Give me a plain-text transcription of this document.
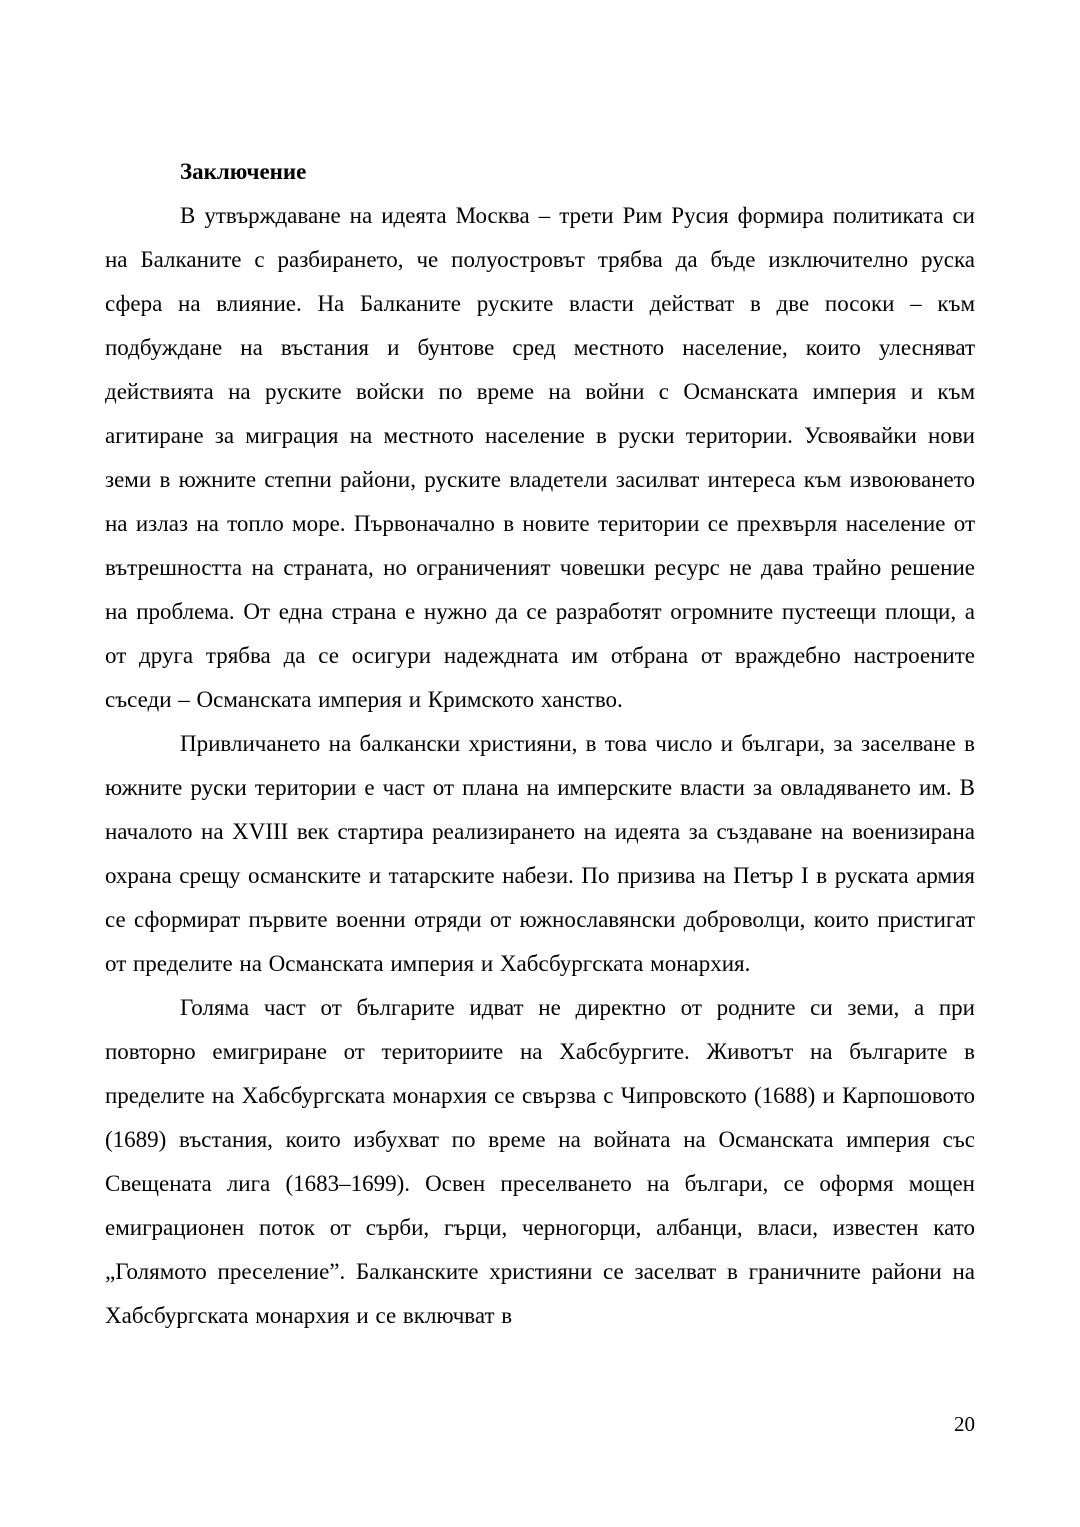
Заключение

В утвърждаване на идеята Москва – трети Рим Русия формира политиката си на Балканите с разбирането, че полуостровът трябва да бъде изключително руска сфера на влияние. На Балканите руските власти действат в две посоки – към подбуждане на въстания и бунтове сред местното население, които улесняват действията на руските войски по време на войни с Османската империя и към агитиране за миграция на местното население в руски територии. Усвоявайки нови земи в южните степни райони, руските владетели засилват интереса към извоюването на излаз на топло море. Първоначално в новите територии се прехвърля население от вътрешността на страната, но ограниченият човешки ресурс не дава трайно решение на проблема. От една страна е нужно да се разработят огромните пустеещи площи, а от друга трябва да се осигури надеждната им отбрана от враждебно настроените съседи – Османската империя и Кримското ханство.

Привличането на балкански християни, в това число и българи, за заселване в южните руски територии е част от плана на имперските власти за овладяването им. В началото на XVIII век стартира реализирането на идеята за създаване на военизирана охрана срещу османските и татарските набези. По призива на Петър I в руската армия се сформират първите военни отряди от южнославянски доброволци, които пристигат от пределите на Османската империя и Хабсбургската монархия.

Голяма част от българите идват не директно от родните си земи, а при повторно емигриране от териториите на Хабсбургите. Животът на българите в пределите на Хабсбургската монархия се свързва с Чипровското (1688) и Карпошовото (1689) въстания, които избухват по време на войната на Османската империя със Свещената лига (1683–1699). Освен преселването на българи, се оформя мощен емиграционен поток от сърби, гърци, черногорци, албанци, власи, известен като „Голямото преселение”. Балканските християни се заселват в граничните райони на Хабсбургската монархия и се включват в

20
